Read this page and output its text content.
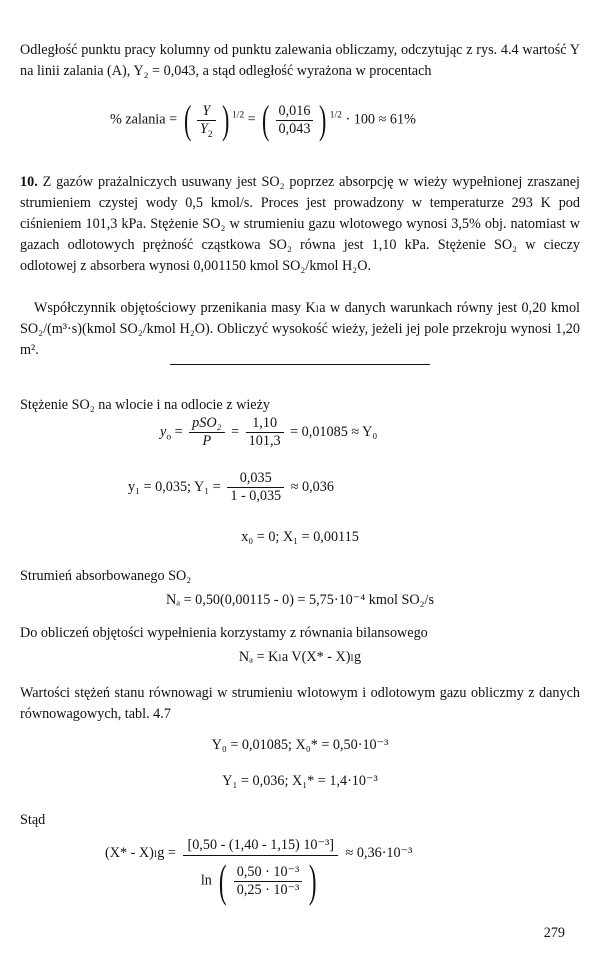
Odległość punktu pracy kolumny od punktu zalewania obliczamy, odczytując z rys. 4.4 wartość Y na linii zalania (A), Y₂ = 0,043, a stąd odległość wyrażona w procentach
% zalania = ( $\frac{Y}{Y_2}$ ) $^{1/2}$ = ( $\frac{0,016}{0,043}$ ) $^{1/2}$ · 100 ≈ 61%
10. Z gazów prażalniczych usuwany jest SO₂ poprzez absorpcję w wieży wypełnionej zraszanej strumieniem czystej wody 0,5 kmol/s. Proces jest prowadzony w temperaturze 293 K pod ciśnieniem 101,3 kPa. Stężenie SO₂ w strumieniu gazu wlotowego wynosi 3,5% obj. natomiast w gazach odlotowych prężność cząstkowa SO₂ równa jest 1,10 kPa. Stężenie SO₂ w cieczy odlotowej z absorbera wynosi 0,001150 kmol SO₂/kmol H₂O.
Współczynnik objętościowy przenikania masy Kₗa w danych warunkach równy jest 0,20 kmol SO₂/(m³·s)(kmol SO₂/kmol H₂O). Obliczyć wysokość wieży, jeżeli jej pole przekroju wynosi 1,20 m².
Stężenie SO₂ na wlocie i na odlocie z wieży
$y_o = \frac{\text{pSO₂}}{P} = \frac{1,10}{101,3} = 0,01085 \approx Y_0$
y₁ = 0,035; $Y_1 = \frac{0,035}{1 - 0,035} \approx 0,036$
x₀ = 0; X₁ = 0,00115
Strumień absorbowanego SO₂
Nₐ = 0,50(0,00115 - 0) = 5,75·10⁻⁴ kmol SO₂/s
Do obliczeń objętości wypełnienia korzystamy z równania bilansowego
Nₐ = Kₗa V(X* - X)ₗg
Wartości stężeń stanu równowagi w strumieniu wlotowym i odlotowym gazu obliczmy z danych równowagowych, tabl. 4.7
Y₀ = 0,01085; X₀* = 0,50·10⁻³
Y₁ = 0,036; X₁* = 1,4·10⁻³
Stąd
$(X* - X)_lg = \frac{\text{[0,50 - (1,40 - 1,15) 10⁻³]}}{\ln ( \frac{\text{0,50 · 10⁻³}}{\text{0,25 · 10⁻³}} )} \approx 0,36\cdot 10^{-3}$
279
